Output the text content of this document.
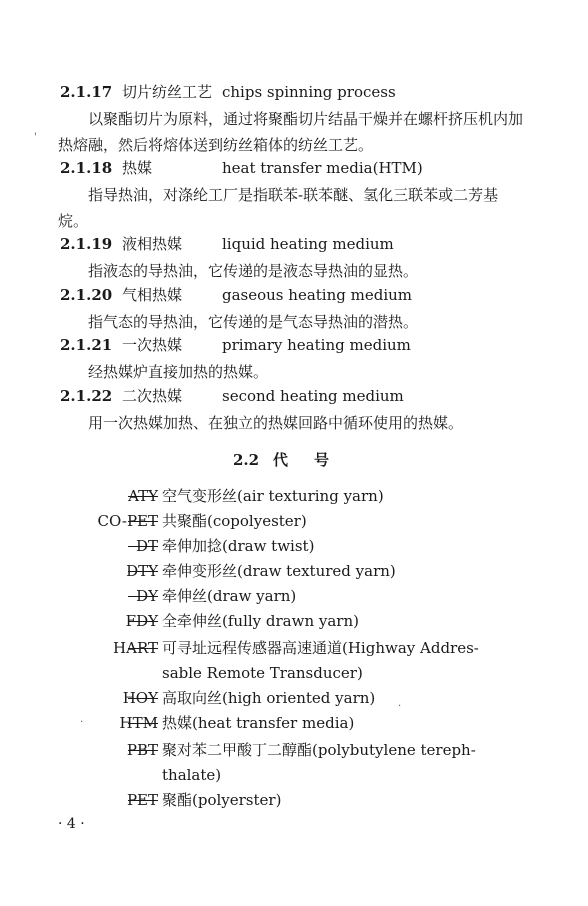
2.1.17 切片纺丝工艺 chips spinning process
以聚酯切片为原料，通过将聚酯切片结晶干燥并在螺杆挤压机内加热熔融，然后将熔体送到纺丝箱体的纺丝工艺。
2.1.18 热媒	heat transfer media(HTM)
指导热油，对涤纶工厂是指联苯-联苯醚、氢化三联苯或二芳基烷。
2.1.19 液相热媒	liquid heating medium
指液态的导热油，它传递的是液态导热油的显热。
2.1.20 气相热媒	gaseous heating medium
指气态的导热油，它传递的是气态导热油的潜热。
2.1.21 一次热媒	primary heating medium
经热媒炉直接加热的热媒。
2.1.22 二次热媒	second heating medium
用一次热媒加热、在独立的热媒回路中循环使用的热媒。
2.2 代号
ATY 空气变形丝(air texturing yarn)
CO-PET 共聚酯(copolyester)
DT 牵伸加捻(draw twist)
DTY 牵伸变形丝(draw textured yarn)
DY 牵伸丝(draw yarn)
FDY 全牵伸丝(fully drawn yarn)
HART 可寻址远程传感器高速通道(Highway Addres-
sable Remote Transducer)
HOY 高取向丝(high oriented yarn)
HTM 热媒(heat transfer media)
PBT 聚对苯二甲酸丁二醇酯(polybutylene tereph-
thalate)
PET 聚酯(polyerster)
· 4 ·
'
.
.
